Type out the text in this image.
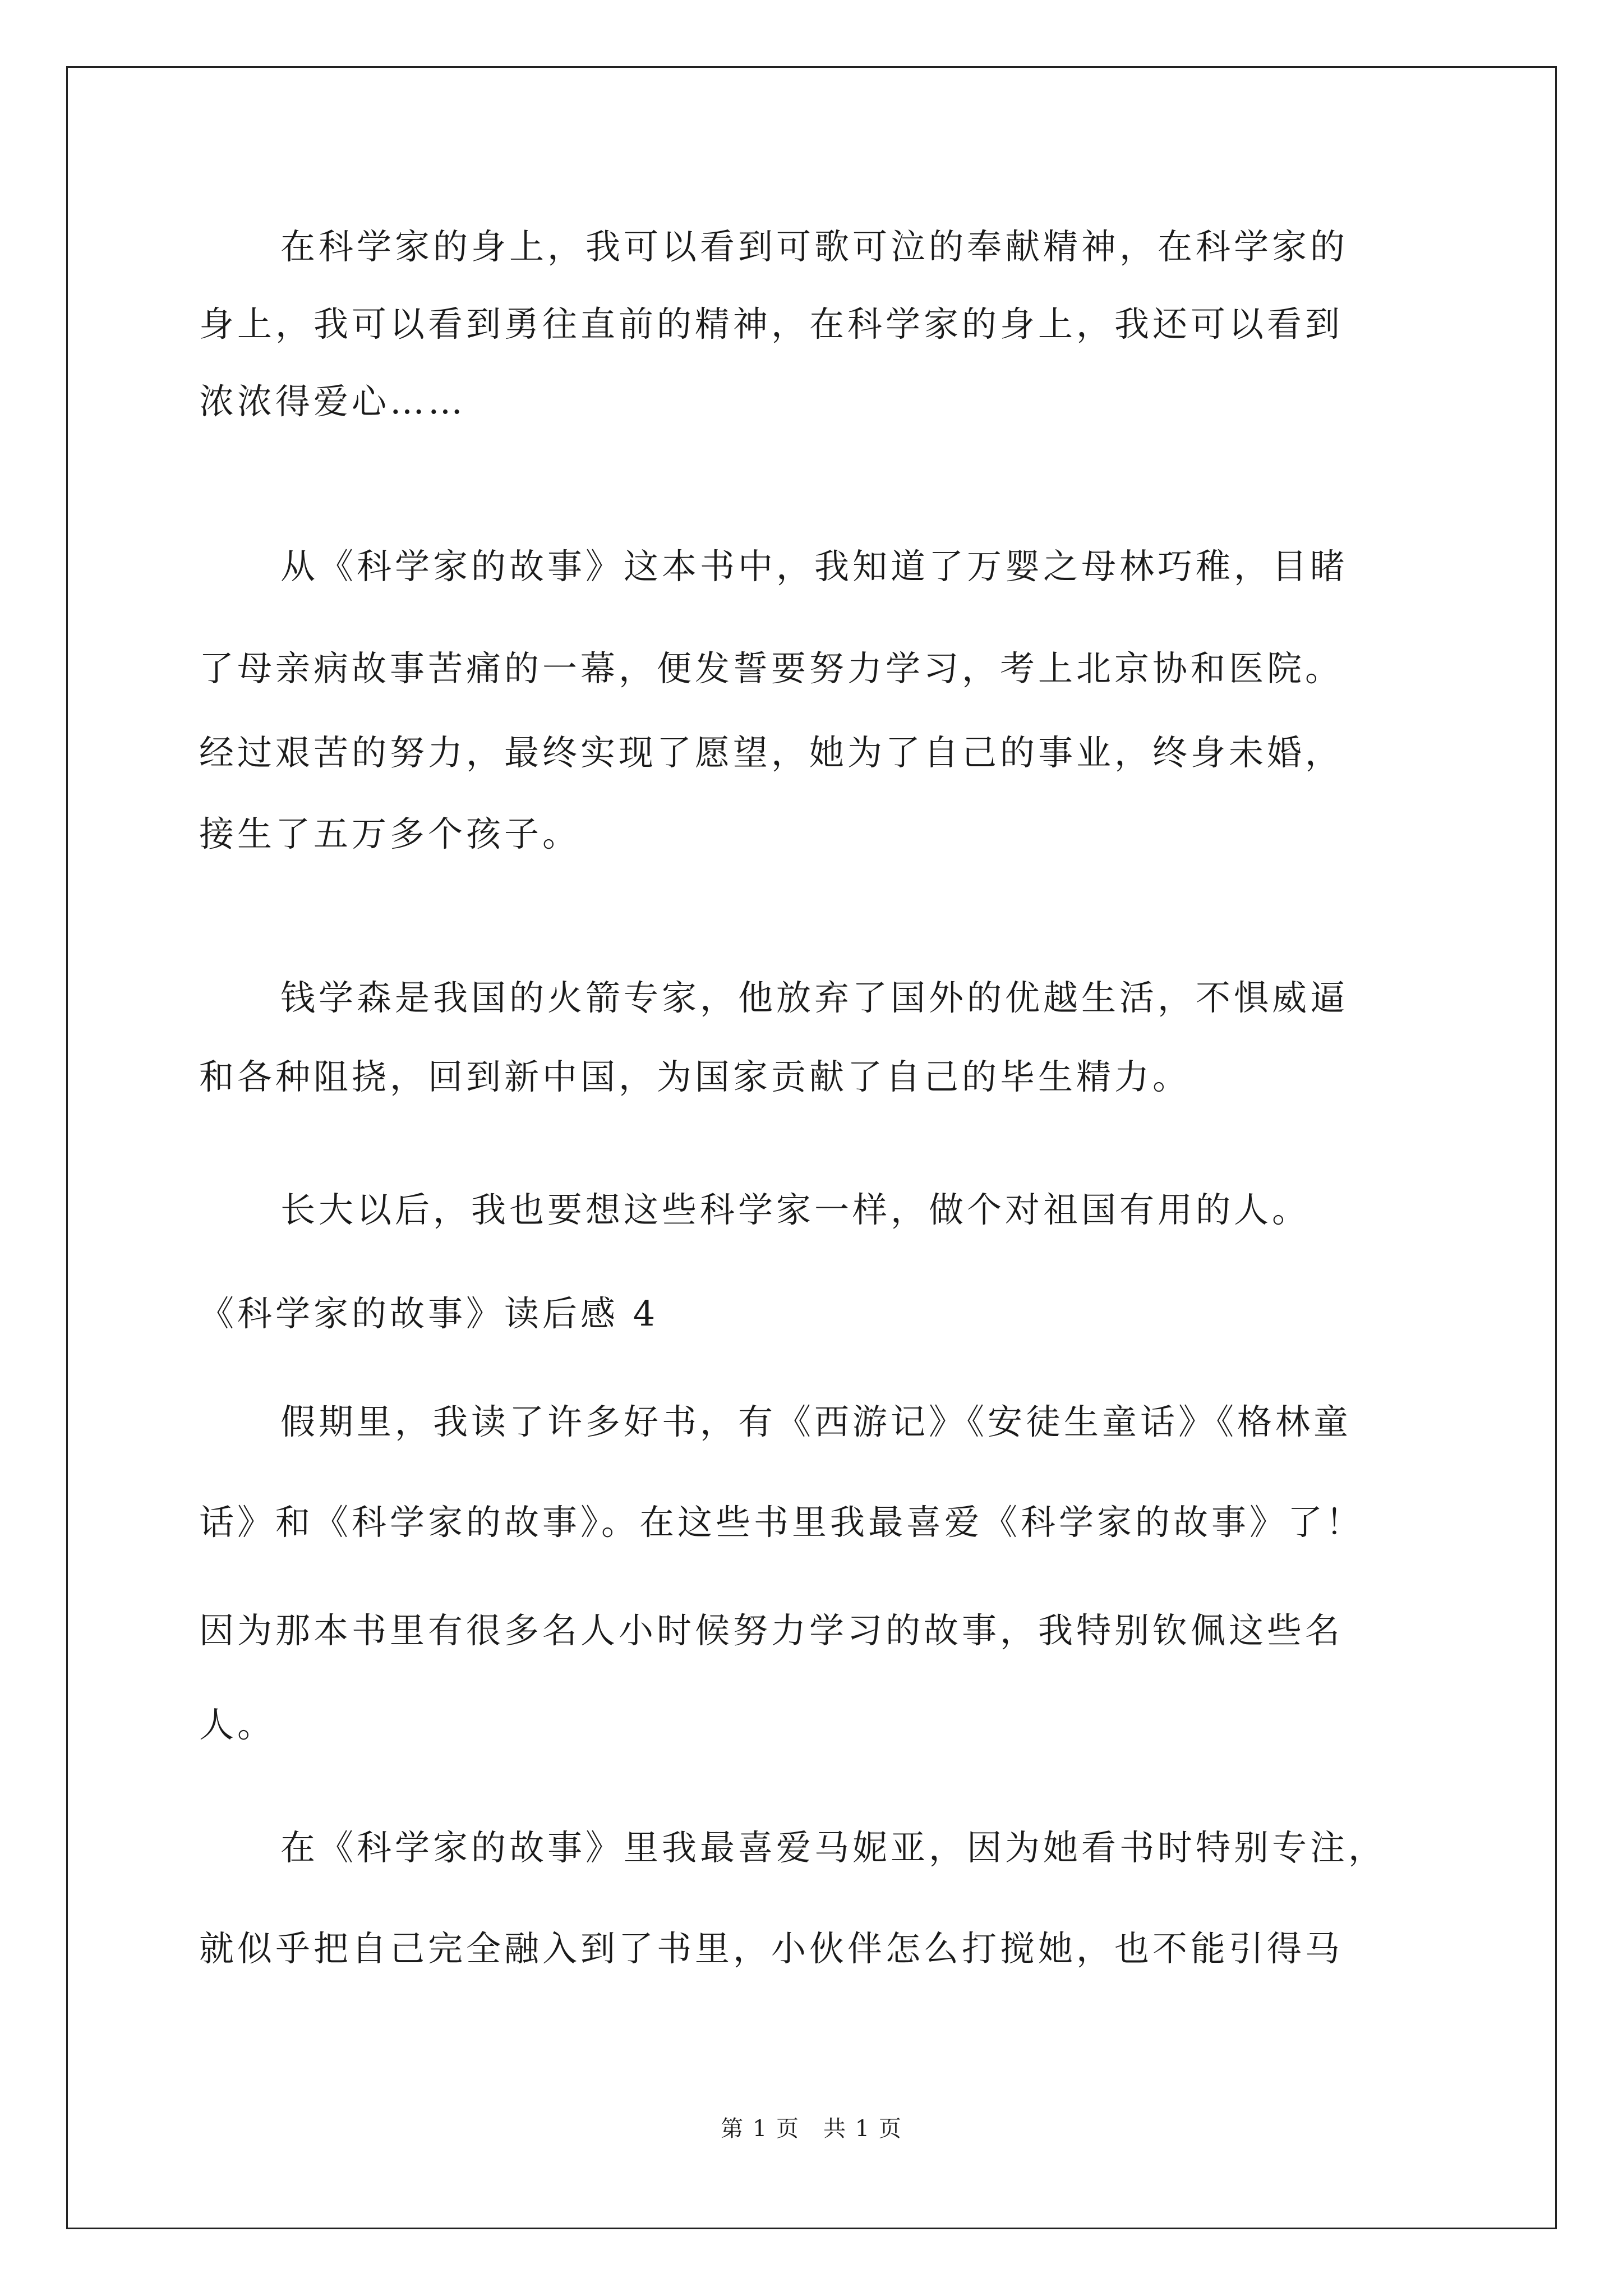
在科学家的身上，我可以看到可歌可泣的奉献精神，在科学家的

身上，我可以看到勇往直前的精神，在科学家的身上，我还可以看到

浓浓得爱心……

从《科学家的故事》这本书中，我知道了万婴之母林巧稚，目睹

了母亲病故事苦痛的一幕，便发誓要努力学习，考上北京协和医院。

经过艰苦的努力，最终实现了愿望，她为了自己的事业，终身未婚，

接生了五万多个孩子。

钱学森是我国的火箭专家，他放弃了国外的优越生活，不惧威逼

和各种阻挠，回到新中国，为国家贡献了自己的毕生精力。

长大以后，我也要想这些科学家一样，做个对祖国有用的人。

《科学家的故事》读后感 4

假期里，我读了许多好书，有《西游记》《安徒生童话》《格林童

话》和《科学家的故事》。在这些书里我最喜爱《科学家的故事》了！

因为那本书里有很多名人小时候努力学习的故事，我特别钦佩这些名

人。

在《科学家的故事》里我最喜爱马妮亚，因为她看书时特别专注，

就似乎把自己完全融入到了书里，小伙伴怎么打搅她，也不能引得马

第 1 页　共 1 页
